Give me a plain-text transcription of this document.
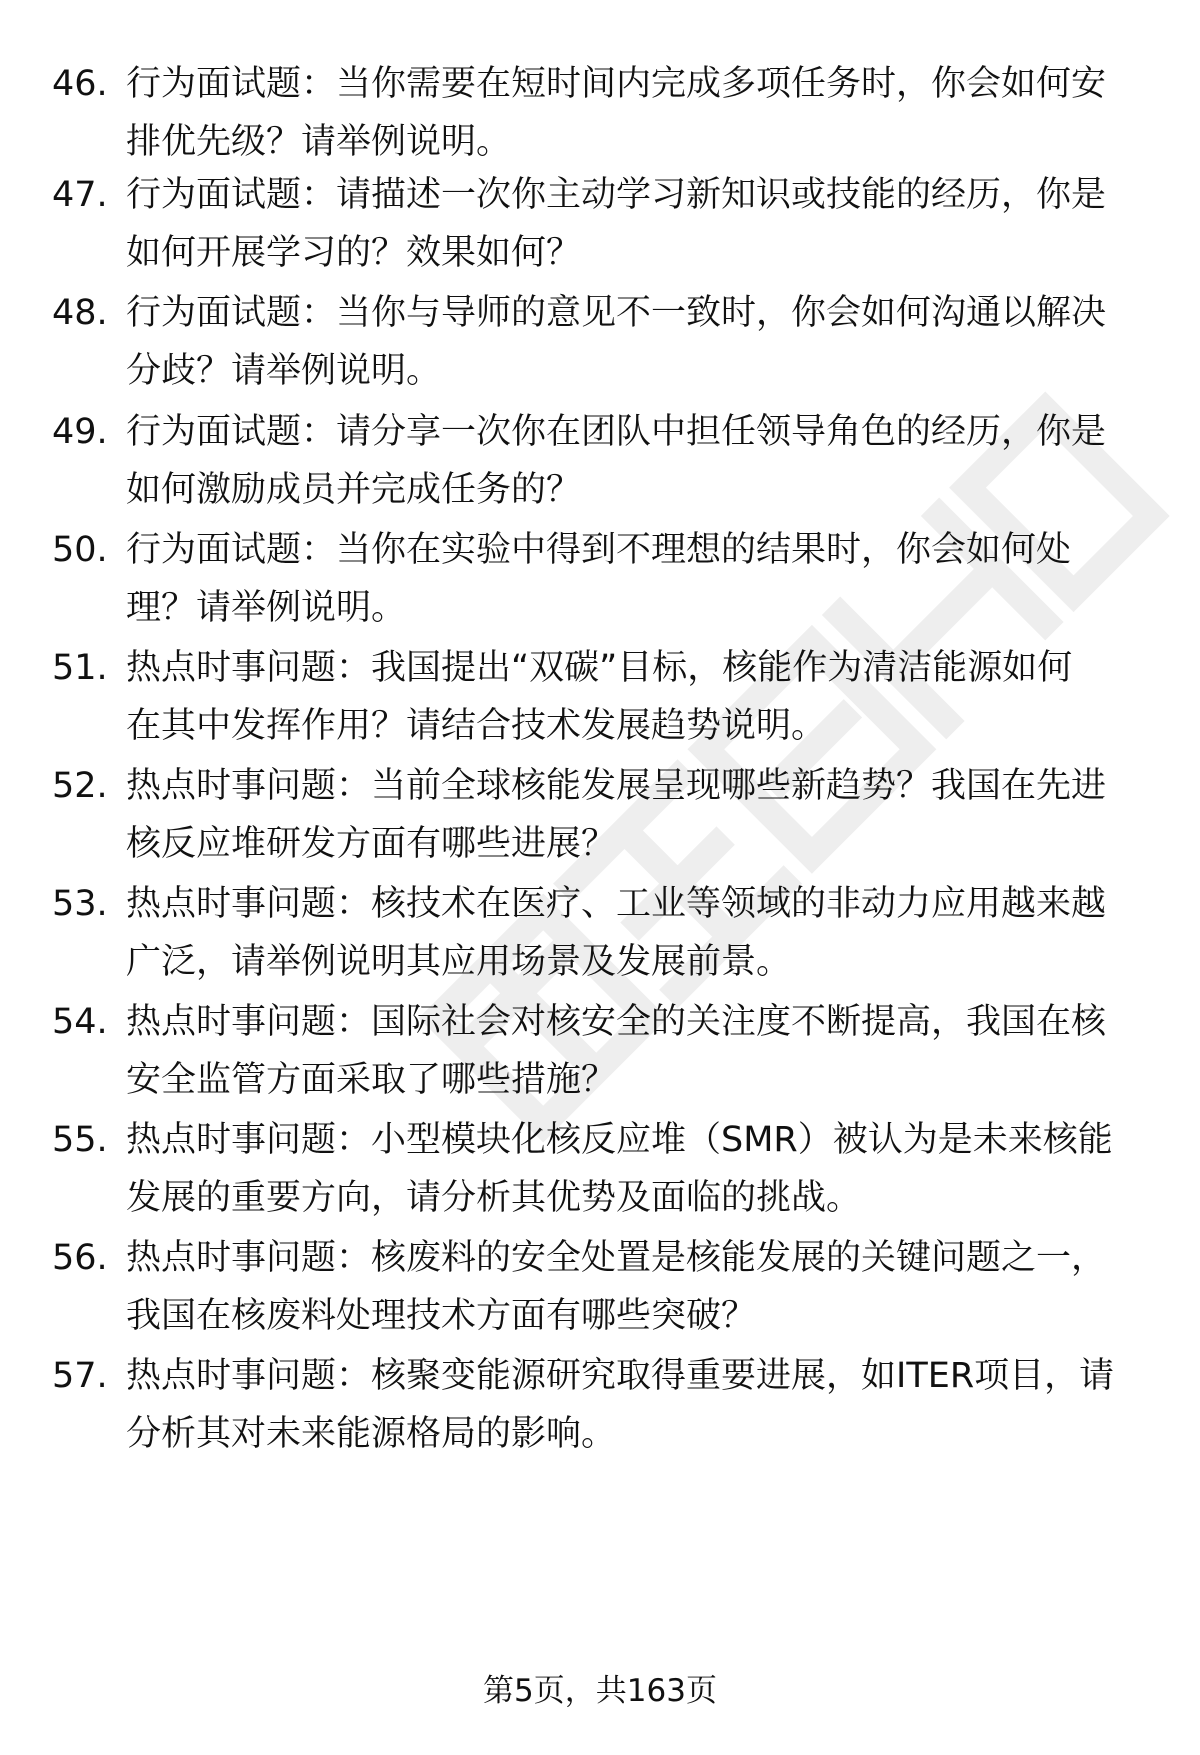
46. 行为面试题：当你需要在短时间内完成多项任务时，你会如何安
排优先级？请举例说明。
47. 行为面试题：请描述一次你主动学习新知识或技能的经历，你是
如何开展学习的？效果如何？
48. 行为面试题：当你与导师的意见不一致时，你会如何沟通以解决
分歧？请举例说明。
49. 行为面试题：请分享一次你在团队中担任领导角色的经历，你是
如何激励成员并完成任务的？
50. 行为面试题：当你在实验中得到不理想的结果时，你会如何处
理？请举例说明。
51. 热点时事问题：我国提出“双碳”目标，核能作为清洁能源如何
在其中发挥作用？请结合技术发展趋势说明。
52. 热点时事问题：当前全球核能发展呈现哪些新趋势？我国在先进
核反应堆研发方面有哪些进展？
53. 热点时事问题：核技术在医疗、工业等领域的非动力应用越来越
广泛，请举例说明其应用场景及发展前景。
54. 热点时事问题：国际社会对核安全的关注度不断提高，我国在核
安全监管方面采取了哪些措施？
55. 热点时事问题：小型模块化核反应堆（SMR）被认为是未来核能
发展的重要方向，请分析其优势及面临的挑战。
56. 热点时事问题：核废料的安全处置是核能发展的关键问题之一，
我国在核废料处理技术方面有哪些突破？
57. 热点时事问题：核聚变能源研究取得重要进展，如ITER项目，请
分析其对未来能源格局的影响。
第5页，共163页
